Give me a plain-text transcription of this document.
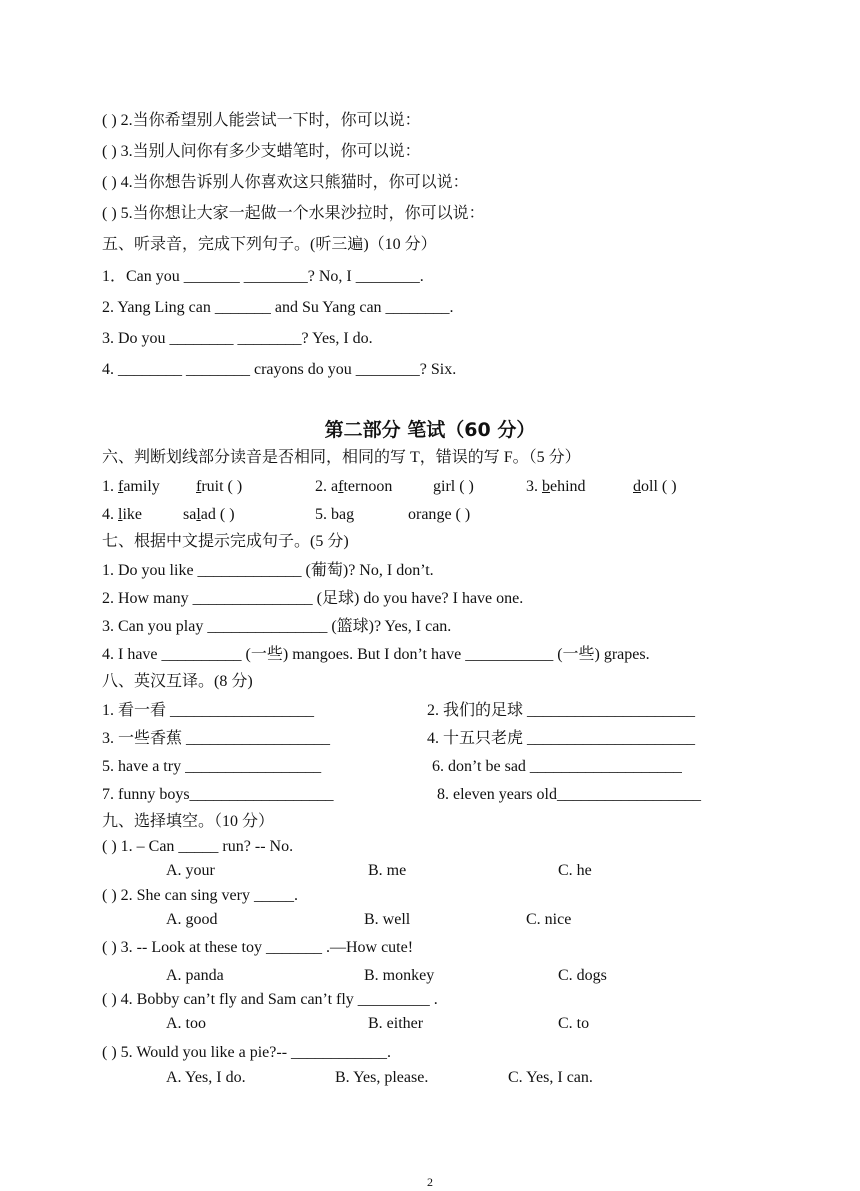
( ) 2.当你希望别人能尝试一下时，你可以说：
( ) 3.当别人问你有多少支蜡笔时，你可以说：
( ) 4.当你想告诉别人你喜欢这只熊猫时，你可以说：
( ) 5.当你想让大家一起做一个水果沙拉时，你可以说：
五、听录音，完成下列句子。(听三遍)（10 分）
1．Can you _______ ________? No, I ________.
2. Yang Ling can _______ and Su Yang can ________.
3. Do you ________ ________? Yes, I do.
4. ________ ________ crayons do you ________? Six.
第二部分 笔试（60 分）
六、判断划线部分读音是否相同，相同的写 T，错误的写 F。（5 分）
1. family fruit ( )	2. afternoon	girl ( )	3. behind	doll ( )
4. like	salad ( )	5. bag	orange ( )
七、根据中文提示完成句子。(5 分)
1. Do you like _____________ (葡萄)? No, I don’t.
2. How many _______________ (足球) do you have? I have one.
3. Can you play _______________ (篮球)? Yes, I can.
4. I have __________ (一些) mangoes. But I don’t have ___________ (一些) grapes.
八、英汉互译。(8 分)
1. 看一看 __________________	2. 我们的足球 _____________________
3. 一些香蕉 __________________	4. 十五只老虎 _____________________
5. have a try _________________	6. don’t be sad ___________________
7. funny boys__________________	8. eleven years old__________________
九、选择填空。（10 分）
( ) 1. – Can _____ run? -- No.
A. your	B. me	C. he
( ) 2. She can sing very _____.
A. good	B. well	C. nice
( ) 3. -- Look at these toy _______ .—How cute!
A. panda	B. monkey	C. dogs
( ) 4. Bobby can’t fly and Sam can’t fly _________ .
A. too	B. either	C. to
( ) 5. Would you like a pie?-- ____________.
A. Yes, I do.	B. Yes, please.	C. Yes, I can.
2
